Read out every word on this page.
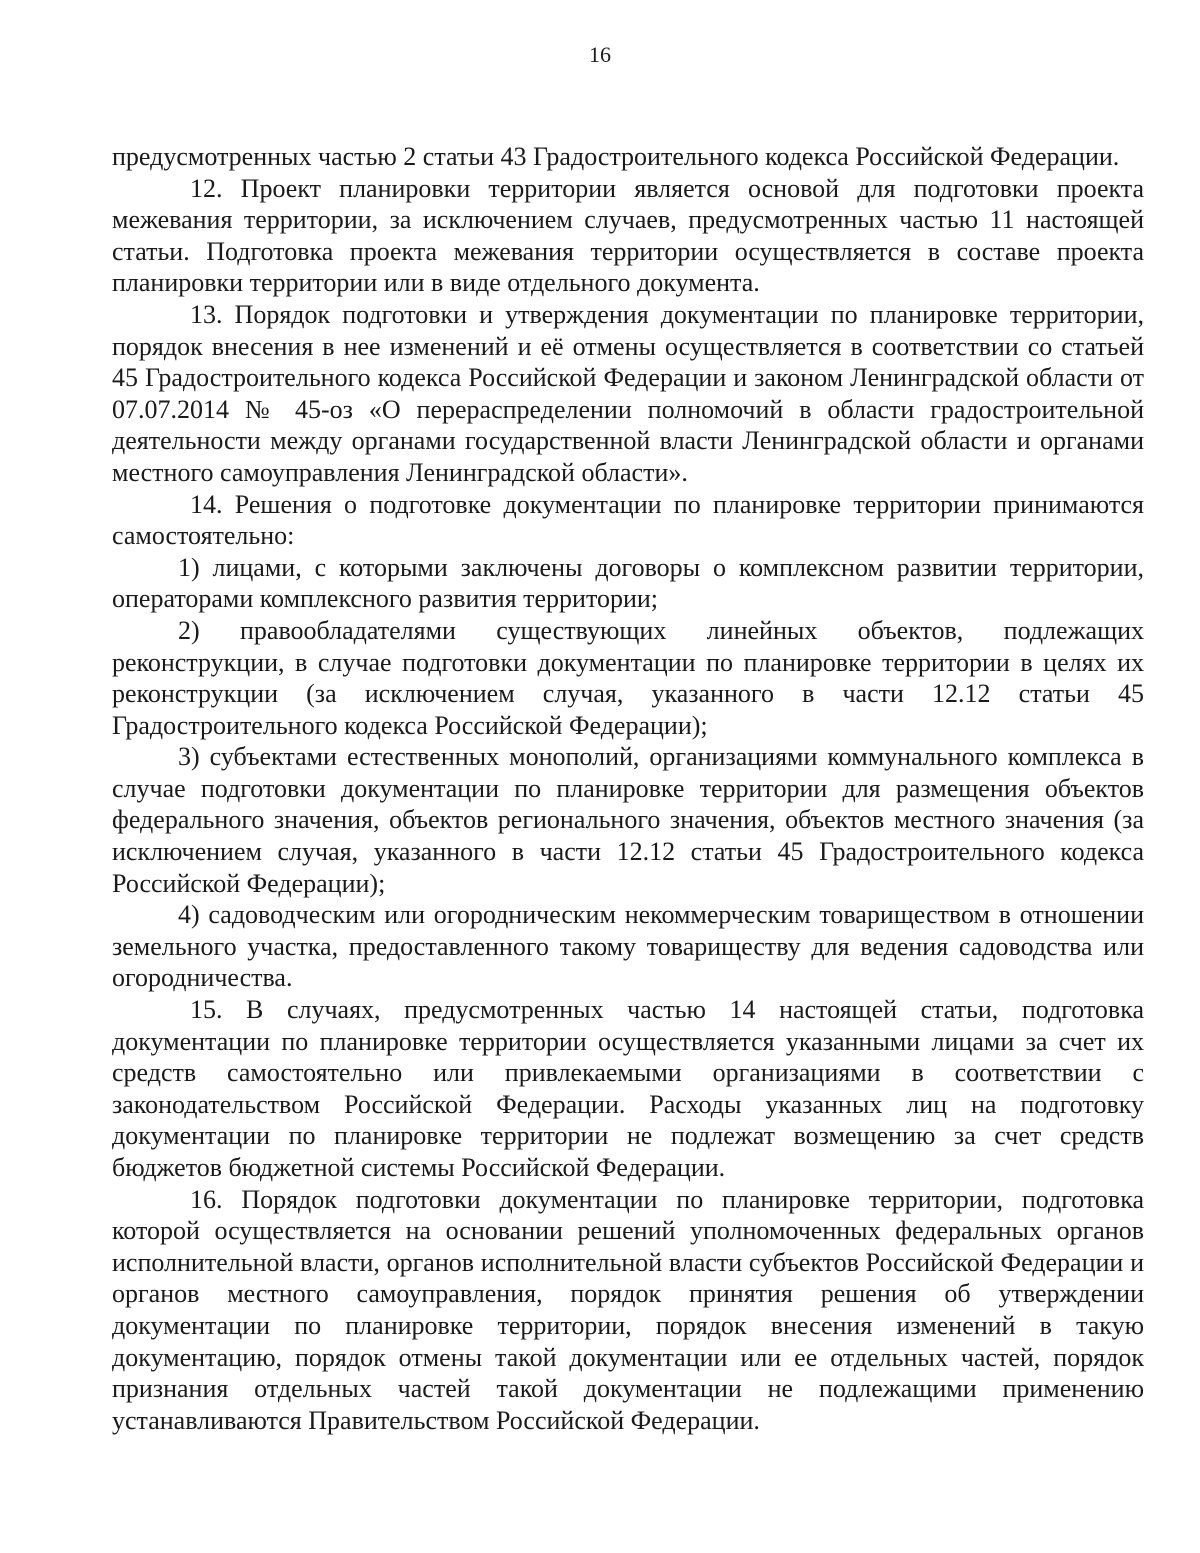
16

предусмотренных частью 2 статьи 43 Градостроительного кодекса Российской Федерации.

12. Проект планировки территории является основой для подготовки проекта межевания территории, за исключением случаев, предусмотренных частью 11 настоящей статьи. Подготовка проекта межевания территории осуществляется в составе проекта планировки территории или в виде отдельного документа.

13. Порядок подготовки и утверждения документации по планировке территории, порядок внесения в нее изменений и её отмены осуществляется в соответствии со статьей 45 Градостроительного кодекса Российской Федерации и законом Ленинградской области от 07.07.2014 № 45-оз «О перераспределении полномочий в области градостроительной деятельности между органами государственной власти Ленинградской области и органами местного самоуправления Ленинградской области».

14. Решения о подготовке документации по планировке территории принимаются самостоятельно:

1) лицами, с которыми заключены договоры о комплексном развитии территории, операторами комплексного развития территории;

2) правообладателями существующих линейных объектов, подлежащих реконструкции, в случае подготовки документации по планировке территории в целях их реконструкции (за исключением случая, указанного в части 12.12 статьи 45 Градостроительного кодекса Российской Федерации);

3) субъектами естественных монополий, организациями коммунального комплекса в случае подготовки документации по планировке территории для размещения объектов федерального значения, объектов регионального значения, объектов местного значения (за исключением случая, указанного в части 12.12 статьи 45 Градостроительного кодекса Российской Федерации);

4) садоводческим или огородническим некоммерческим товариществом в отношении земельного участка, предоставленного такому товариществу для ведения садоводства или огородничества.

15. В случаях, предусмотренных частью 14 настоящей статьи, подготовка документации по планировке территории осуществляется указанными лицами за счет их средств самостоятельно или привлекаемыми организациями в соответствии с законодательством Российской Федерации. Расходы указанных лиц на подготовку документации по планировке территории не подлежат возмещению за счет средств бюджетов бюджетной системы Российской Федерации.

16. Порядок подготовки документации по планировке территории, подготовка которой осуществляется на основании решений уполномоченных федеральных органов исполнительной власти, органов исполнительной власти субъектов Российской Федерации и органов местного самоуправления, порядок принятия решения об утверждении документации по планировке территории, порядок внесения изменений в такую документацию, порядок отмены такой документации или ее отдельных частей, порядок признания отдельных частей такой документации не подлежащими применению устанавливаются Правительством Российской Федерации.
